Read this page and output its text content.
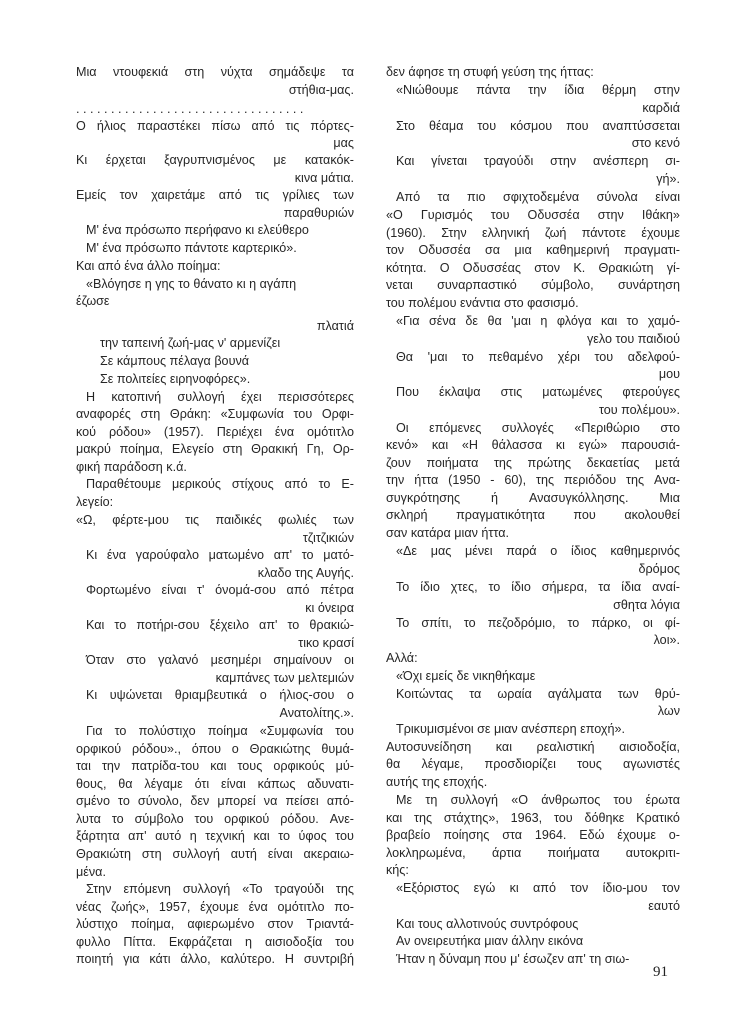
Μια ντουφεκιά στη νύχτα σημάδεψε τα
στήθια-μας.
. . . . . . . . . . . . . . . . . . . . . . . . . . . . . . . . .
Ο ήλιος παραστέκει πίσω από τις πόρτες-
μας
Κι έρχεται ξαγρυπνισμένος με κατακόκ-
κινα μάτια.
Εμείς τον χαιρετάμε από τις γρίλιες των
παραθυριών
Μ' ένα πρόσωπο περήφανο κι ελεύθερο
Μ' ένα πρόσωπο πάντοτε καρτερικό».
Και από ένα άλλο ποίημα:
«Βλόγησε η γης το θάνατο κι η αγάπη
έζωσε
πλατιά
την ταπεινή ζωή-μας ν' αρμενίζει
Σε κάμπους πέλαγα βουνά
Σε πολιτείες ειρηνοφόρες».
Η κατοπινή συλλογή έχει περισσότερες
αναφορές στη Θράκη: «Συμφωνία του Ορφι-
κού ρόδου» (1957). Περιέχει ένα ομότιτλο
μακρύ ποίημα, Ελεγείο στη Θρακική Γη, Ορ-
φική παράδοση κ.ά.
Παραθέτουμε μερικούς στίχους από το Ε-
λεγείο:
«Ω, φέρτε-μου τις παιδικές φωλιές των
τζιτζικιών
Κι ένα γαρούφαλο ματωμένο απ' το ματό-
κλαδο της Αυγής.
Φορτωμένο είναι τ' όνομά-σου από πέτρα
κι όνειρα
Και το ποτήρι-σου ξέχειλο απ' το θρακιώ-
τικο κρασί
Όταν στο γαλανό μεσημέρι σημαίνουν οι
καμπάνες των μελτεμιών
Κι υψώνεται θριαμβευτικά ο ήλιος-σου ο
Ανατολίτης.».
Για το πολύστιχο ποίημα «Συμφωνία του
ορφικού ρόδου»., όπου ο Θρακιώτης θυμά-
ται την πατρίδα-του και τους ορφικούς μύ-
θους, θα λέγαμε ότι είναι κάπως αδυνατι-
σμένο το σύνολο, δεν μπορεί να πείσει από-
λυτα το σύμβολο του ορφικού ρόδου. Ανε-
ξάρτητα απ' αυτό η τεχνική και το ύφος του
Θρακιώτη στη συλλογή αυτή είναι ακεραιω-
μένα.
Στην επόμενη συλλογή «Το τραγούδι της
νέας ζωής», 1957, έχουμε ένα ομότιτλο πο-
λύστιχο ποίημα, αφιερωμένο στον Τριαντά-
φυλλο Πίττα. Εκφράζεται η αισιοδοξία του
ποιητή για κάτι άλλο, καλύτερο. Η συντριβή
δεν άφησε τη στυφή γεύση της ήττας:
«Νιώθουμε πάντα την ίδια θέρμη στην
καρδιά
Στο θέαμα του κόσμου που αναπτύσσεται
στο κενό
Και γίνεται τραγούδι στην ανέσπερη σι-
γή».
Από τα πιο σφιχτοδεμένα σύνολα είναι
«Ο Γυρισμός του Οδυσσέα στην Ιθάκη»
(1960). Στην ελληνική ζωή πάντοτε έχουμε
τον Οδυσσέα σα μια καθημερινή πραγματι-
κότητα. Ο Οδυσσέας στον Κ. Θρακιώτη γί-
νεται συναρπαστικό σύμβολο, συνάρτηση
του πολέμου ενάντια στο φασισμό.
«Για σένα δε θα 'μαι η φλόγα και το χαμό-
γελο του παιδιού
Θα 'μαι το πεθαμένο χέρι του αδελφού-
μου
Που έκλαψα στις ματωμένες φτερούγες
του πολέμου».
Οι επόμενες συλλογές «Περιθώριο στο
κενό» και «Η θάλασσα κι εγώ» παρουσιά-
ζουν ποιήματα της πρώτης δεκαετίας μετά
την ήττα (1950 - 60), της περιόδου της Ανα-
συγκρότησης ή Ανασυγκόλλησης. Μια
σκληρή πραγματικότητα που ακολουθεί
σαν κατάρα μιαν ήττα.
«Δε μας μένει παρά ο ίδιος καθημερινός
δρόμος
Το ίδιο χτες, το ίδιο σήμερα, τα ίδια αναί-
σθητα λόγια
Το σπίτι, το πεζοδρόμιο, το πάρκο, οι φί-
λοι».
Αλλά:
«Όχι εμείς δε νικηθήκαμε
Κοιτώντας τα ωραία αγάλματα των θρύ-
λων
Τρικυμισμένοι σε μιαν ανέσπερη εποχή».
Αυτοσυνείδηση και ρεαλιστική αισιοδοξία,
θα λέγαμε, προσδιορίζει τους αγωνιστές
αυτής της εποχής.
Με τη συλλογή «Ο άνθρωπος του έρωτα
και της στάχτης», 1963, του δόθηκε Κρατικό
βραβείο ποίησης στα 1964. Εδώ έχουμε ο-
λοκληρωμένα, άρτια ποιήματα αυτοκριτι-
κής:
«Εξόριστος εγώ κι από τον ίδιο-μου τον
εαυτό
Και τους αλλοτινούς συντρόφους
Αν ονειρευτήκα μιαν άλλην εικόνα
Ήταν η δύναμη που μ' έσωζεν απ' τη σιω-
91
